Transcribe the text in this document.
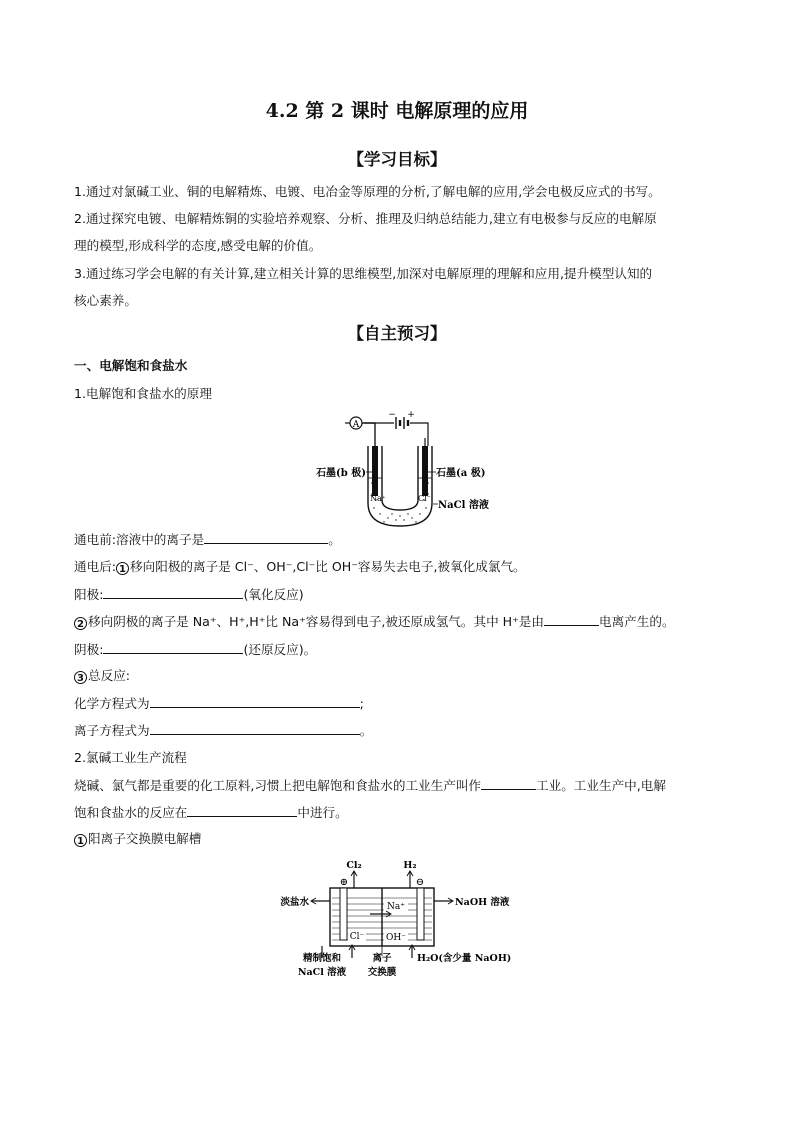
4.2 第 2 课时 电解原理的应用
【学习目标】
1.通过对氯碱工业、铜的电解精炼、电镀、电冶金等原理的分析,了解电解的应用,学会电极反应式的书写。
2.通过探究电镀、电解精炼铜的实验培养观察、分析、推理及归纳总结能力,建立有电极参与反应的电解原
理的模型,形成科学的态度,感受电解的价值。
3.通过练习学会电解的有关计算,建立相关计算的思维模型,加深对电解原理的理解和应用,提升模型认知的
核心素养。
【自主预习】
一、电解饱和食盐水
1.电解饱和食盐水的原理
A
− +
石墨(b 极)	石墨(a 极)
Na⁺	Cl⁻
NaCl 溶液
通电前:溶液中的离子是	。
通电后: 1 移向阳极的离子是 Cl⁻、OH⁻,Cl⁻比 OH⁻容易失去电子,被氧化成氯气。
阳极:	(氧化反应)
2 移向阴极的离子是 Na⁺、H⁺,H⁺比 Na⁺容易得到电子,被还原成氢气。其中 H⁺是由	电离产生的。
阴极:	(还原反应)。
3 总反应:
化学方程式为	;
离子方程式为	。
2.氯碱工业生产流程
烧碱、氯气都是重要的化工原料,习惯上把电解饱和食盐水的工业生产叫作	工业。工业生产中,电解
饱和食盐水的反应在	中进行。
1 阳离子交换膜电解槽
Cl₂	H₂
⊕	⊖
Na⁺
Cl⁻ OH⁻
淡盐水	NaOH 溶液
精制饱和
NaCl 溶液
离子
交换膜
H₂O(含少量 NaOH)
